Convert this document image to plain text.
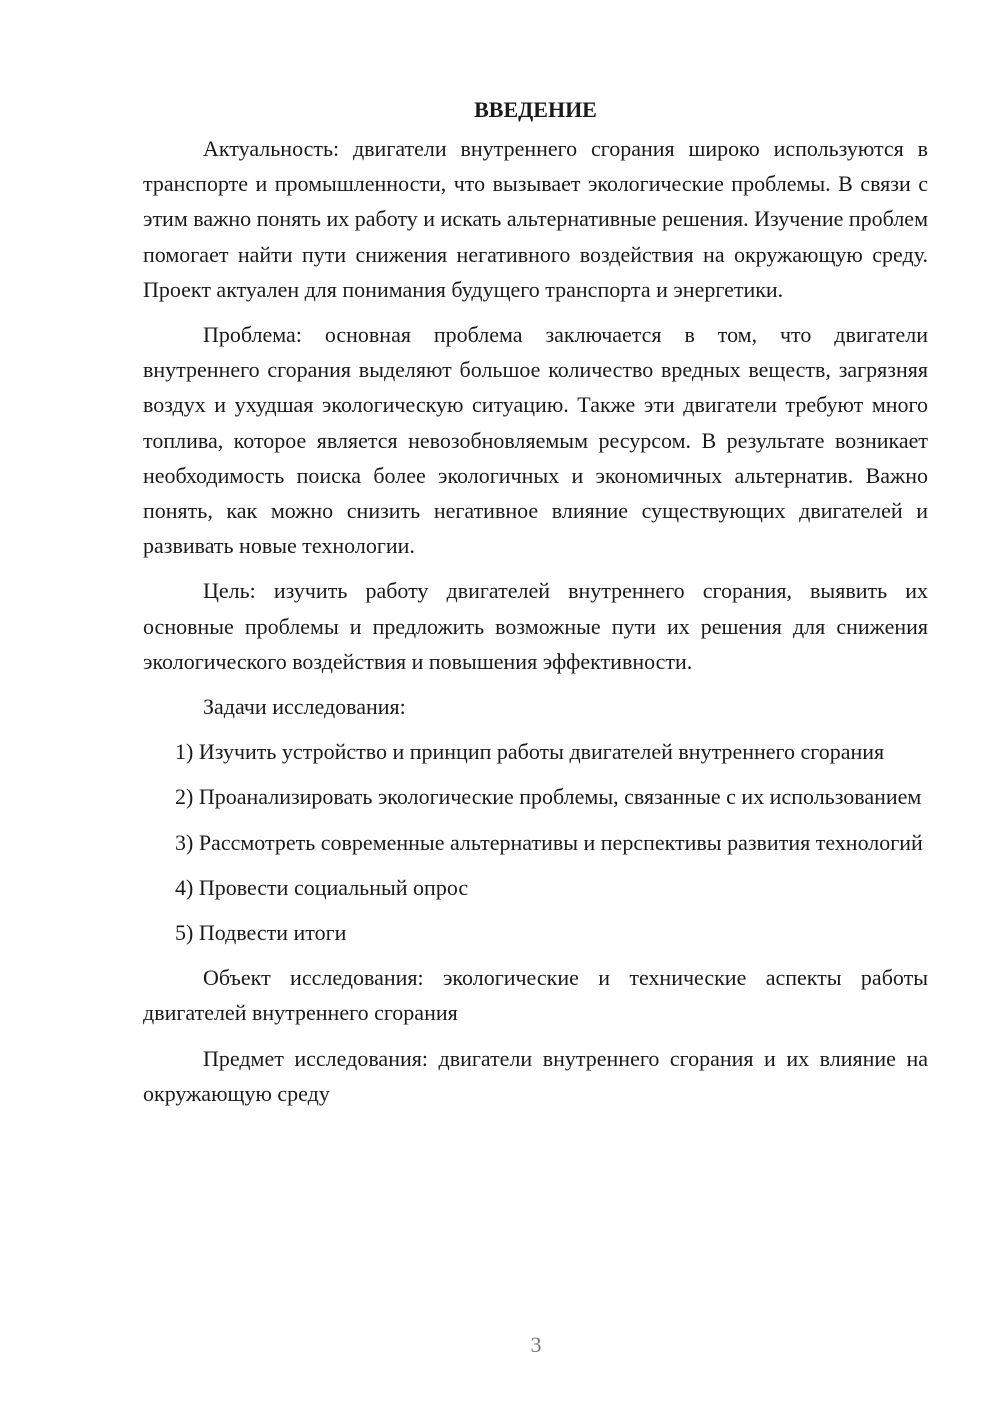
ВВЕДЕНИЕ

Актуальность: двигатели внутреннего сгорания широко используются в транспорте и промышленности, что вызывает экологические проблемы. В связи с этим важно понять их работу и искать альтернативные решения. Изучение проблем помогает найти пути снижения негативного воздействия на окружающую среду. Проект актуален для понимания будущего транспорта и энергетики.

Проблема: основная проблема заключается в том, что двигатели внутреннего сгорания выделяют большое количество вредных веществ, загрязняя воздух и ухудшая экологическую ситуацию. Также эти двигатели требуют много топлива, которое является невозобновляемым ресурсом. В результате возникает необходимость поиска более экологичных и экономичных альтернатив. Важно понять, как можно снизить негативное влияние существующих двигателей и развивать новые технологии.

Цель: изучить работу двигателей внутреннего сгорания, выявить их основные проблемы и предложить возможные пути их решения для снижения экологического воздействия и повышения эффективности.

Задачи исследования:

1) Изучить устройство и принцип работы двигателей внутреннего сгорания

2) Проанализировать экологические проблемы, связанные с их использованием

3) Рассмотреть современные альтернативы и перспективы развития технологий

4) Провести социальный опрос

5) Подвести итоги

Объект исследования: экологические и технические аспекты работы двигателей внутреннего сгорания

Предмет исследования: двигатели внутреннего сгорания и их влияние на окружающую среду

3
